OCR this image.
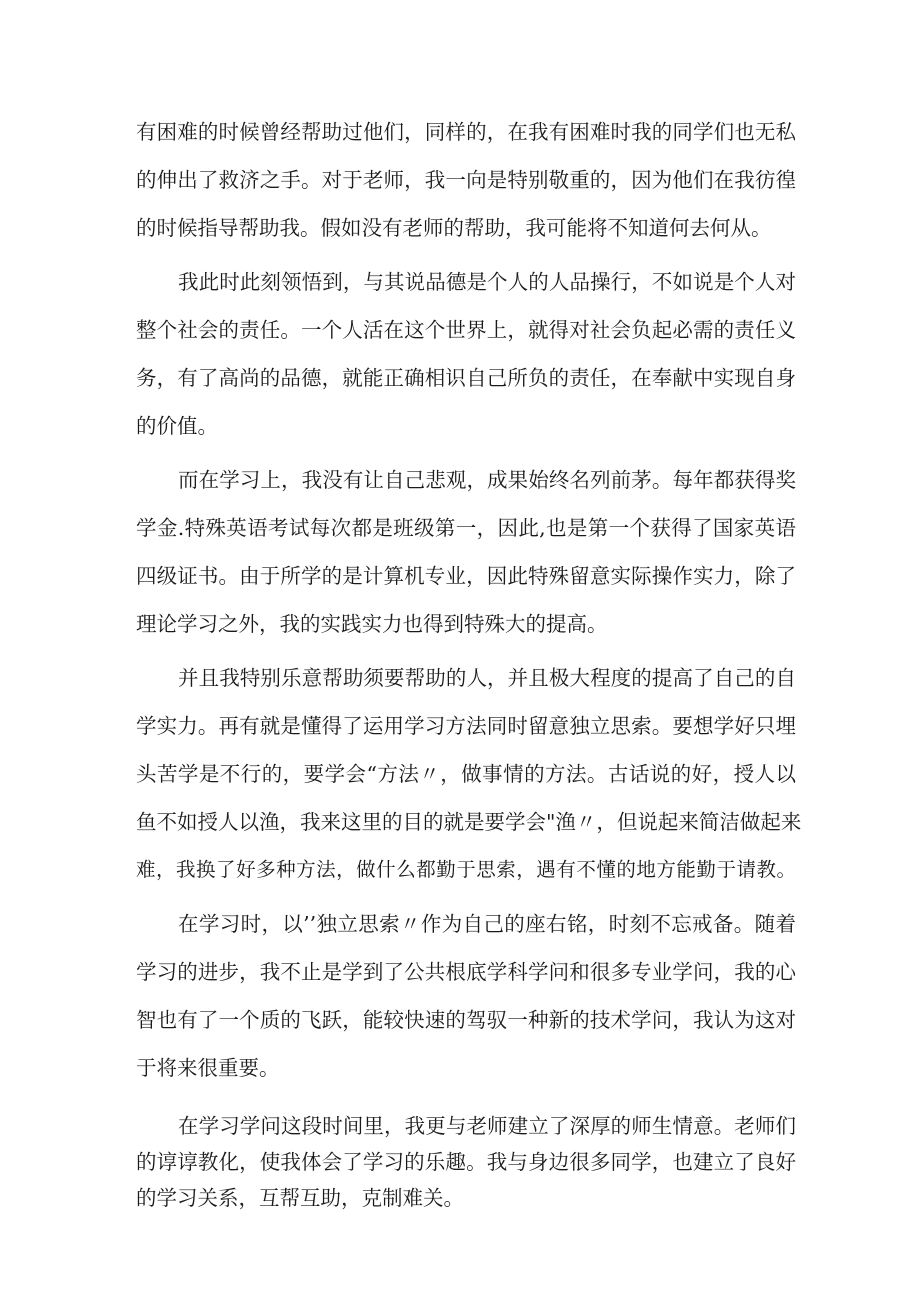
有困难的时候曾经帮助过他们，同样的，在我有困难时我的同学们也无私
的伸出了救济之手。对于老师，我一向是特别敬重的，因为他们在我彷徨
的时候指导帮助我。假如没有老师的帮助，我可能将不知道何去何从。
我此时此刻领悟到，与其说品德是个人的人品操行，不如说是个人对
整个社会的责任。一个人活在这个世界上，就得对社会负起必需的责任义
务，有了高尚的品德，就能正确相识自己所负的责任，在奉献中实现自身
的价值。
而在学习上，我没有让自己悲观，成果始终名列前茅。每年都获得奖
学金.特殊英语考试每次都是班级第一，因此,也是第一个获得了国家英语
四级证书。由于所学的是计算机专业，因此特殊留意实际操作实力，除了
理论学习之外，我的实践实力也得到特殊大的提高。
并且我特别乐意帮助须要帮助的人，并且极大程度的提高了自己的自
学实力。再有就是懂得了运用学习方法同时留意独立思索。要想学好只埋
头苦学是不行的，要学会“方法〃，做事情的方法。古话说的好，授人以
鱼不如授人以渔，我来这里的目的就是要学会"渔〃，但说起来简洁做起来
难，我换了好多种方法，做什么都勤于思索，遇有不懂的地方能勤于请教。
在学习时，以’’独立思索〃作为自己的座右铭，时刻不忘戒备。随着
学习的进步，我不止是学到了公共根底学科学问和很多专业学问，我的心
智也有了一个质的飞跃，能较快速的驾驭一种新的技术学问，我认为这对
于将来很重要。
在学习学问这段时间里，我更与老师建立了深厚的师生情意。老师们
的谆谆教化，使我体会了学习的乐趣。我与身边很多同学，也建立了良好
的学习关系，互帮互助，克制难关。
